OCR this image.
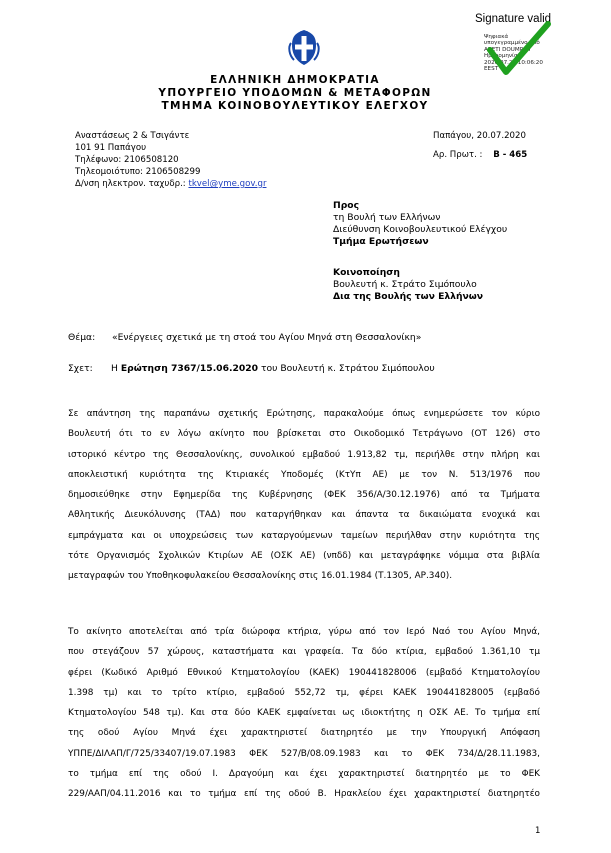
Signature valid
Ψηφιακά
υπογεγραμμένο από
ARETI DOUMPINI
Ημερομηνία:
2020.07.20 10:06:20
EEST
ΕΛΛΗΝΙΚΗ ΔΗΜΟΚΡΑΤΙΑ
ΥΠΟΥΡΓΕΙΟ ΥΠΟΔΟΜΩΝ & ΜΕΤΑΦΟΡΩΝ
ΤΜΗΜΑ ΚΟΙΝΟΒΟΥΛΕΥΤΙΚΟΥ ΕΛΕΓΧΟΥ
Αναστάσεως 2 & Τσιγάντε
101 91 Παπάγου
Τηλέφωνο: 2106508120
Τηλεομοιότυπο: 2106508299
Δ/νση ηλεκτρον. ταχυδρ.: tkvel@yme.gov.gr
Παπάγου, 20.07.2020
Αρ. Πρωτ. : Β - 465
Προς
τη Βουλή των Ελλήνων
Διεύθυνση Κοινοβουλευτικού Ελέγχου
Τμήμα Ερωτήσεων
Κοινοποίηση
Βουλευτή κ. Στράτο Σιμόπουλο
Δια της Βουλής των Ελλήνων
Θέμα: «Ενέργειες σχετικά με τη στοά του Αγίου Μηνά στη Θεσσαλονίκη»
Σχετ: Η Ερώτηση 7367/15.06.2020 του Βουλευτή κ. Στράτου Σιμόπουλου
Σε απάντηση της παραπάνω σχετικής Ερώτησης, παρακαλούμε όπως ενημερώσετε τον κύριο
Βουλευτή ότι το εν λόγω ακίνητο που βρίσκεται στο Οικοδομικό Τετράγωνο (ΟΤ 126) στο
ιστορικό κέντρο της Θεσσαλονίκης, συνολικού εμβαδού 1.913,82 τμ, περιήλθε στην πλήρη και
αποκλειστική κυριότητα της Κτιριακές Υποδομές (ΚτΥπ ΑΕ) με τον Ν. 513/1976 που
δημοσιεύθηκε στην Εφημερίδα της Κυβέρνησης (ΦΕΚ 356/Α/30.12.1976) από τα Τμήματα
Αθλητικής Διευκόλυνσης (ΤΑΔ) που καταργήθηκαν και άπαντα τα δικαιώματα ενοχικά και
εμπράγματα και οι υποχρεώσεις των καταργούμενων ταμείων περιήλθαν στην κυριότητα της
τότε Οργανισμός Σχολικών Κτιρίων ΑΕ (ΟΣΚ ΑΕ) (νπδδ) και μεταγράφηκε νόμιμα στα βιβλία
μεταγραφών του Υποθηκοφυλακείου Θεσσαλονίκης στις 16.01.1984 (Τ.1305, ΑΡ.340).
Το ακίνητο αποτελείται από τρία διώροφα κτήρια, γύρω από τον Ιερό Ναό του Αγίου Μηνά,
που στεγάζουν 57 χώρους, καταστήματα και γραφεία. Τα δύο κτίρια, εμβαδού 1.361,10 τμ
φέρει (Κωδικό Αριθμό Εθνικού Κτηματολογίου (ΚΑΕΚ) 190441828006 (εμβαδό Κτηματολογίου
1.398 τμ) και το τρίτο κτίριο, εμβαδού 552,72 τμ, φέρει ΚΑΕΚ 190441828005 (εμβαδό
Κτηματολογίου 548 τμ). Και στα δύο ΚΑΕΚ εμφαίνεται ως ιδιοκτήτης η ΟΣΚ ΑΕ. Το τμήμα επί
της οδού Αγίου Μηνά έχει χαρακτηριστεί διατηρητέο με την Υπουργική Απόφαση
ΥΠΠΕ/ΔΙΛΑΠ/Γ/725/33407/19.07.1983 ΦΕΚ 527/Β/08.09.1983 και το ΦΕΚ 734/Δ/28.11.1983,
το τμήμα επί της οδού Ι. Δραγούμη και έχει χαρακτηριστεί διατηρητέο με το ΦΕΚ
229/ΑΑΠ/04.11.2016 και το τμήμα επί της οδού Β. Ηρακλείου έχει χαρακτηριστεί διατηρητέο
1
